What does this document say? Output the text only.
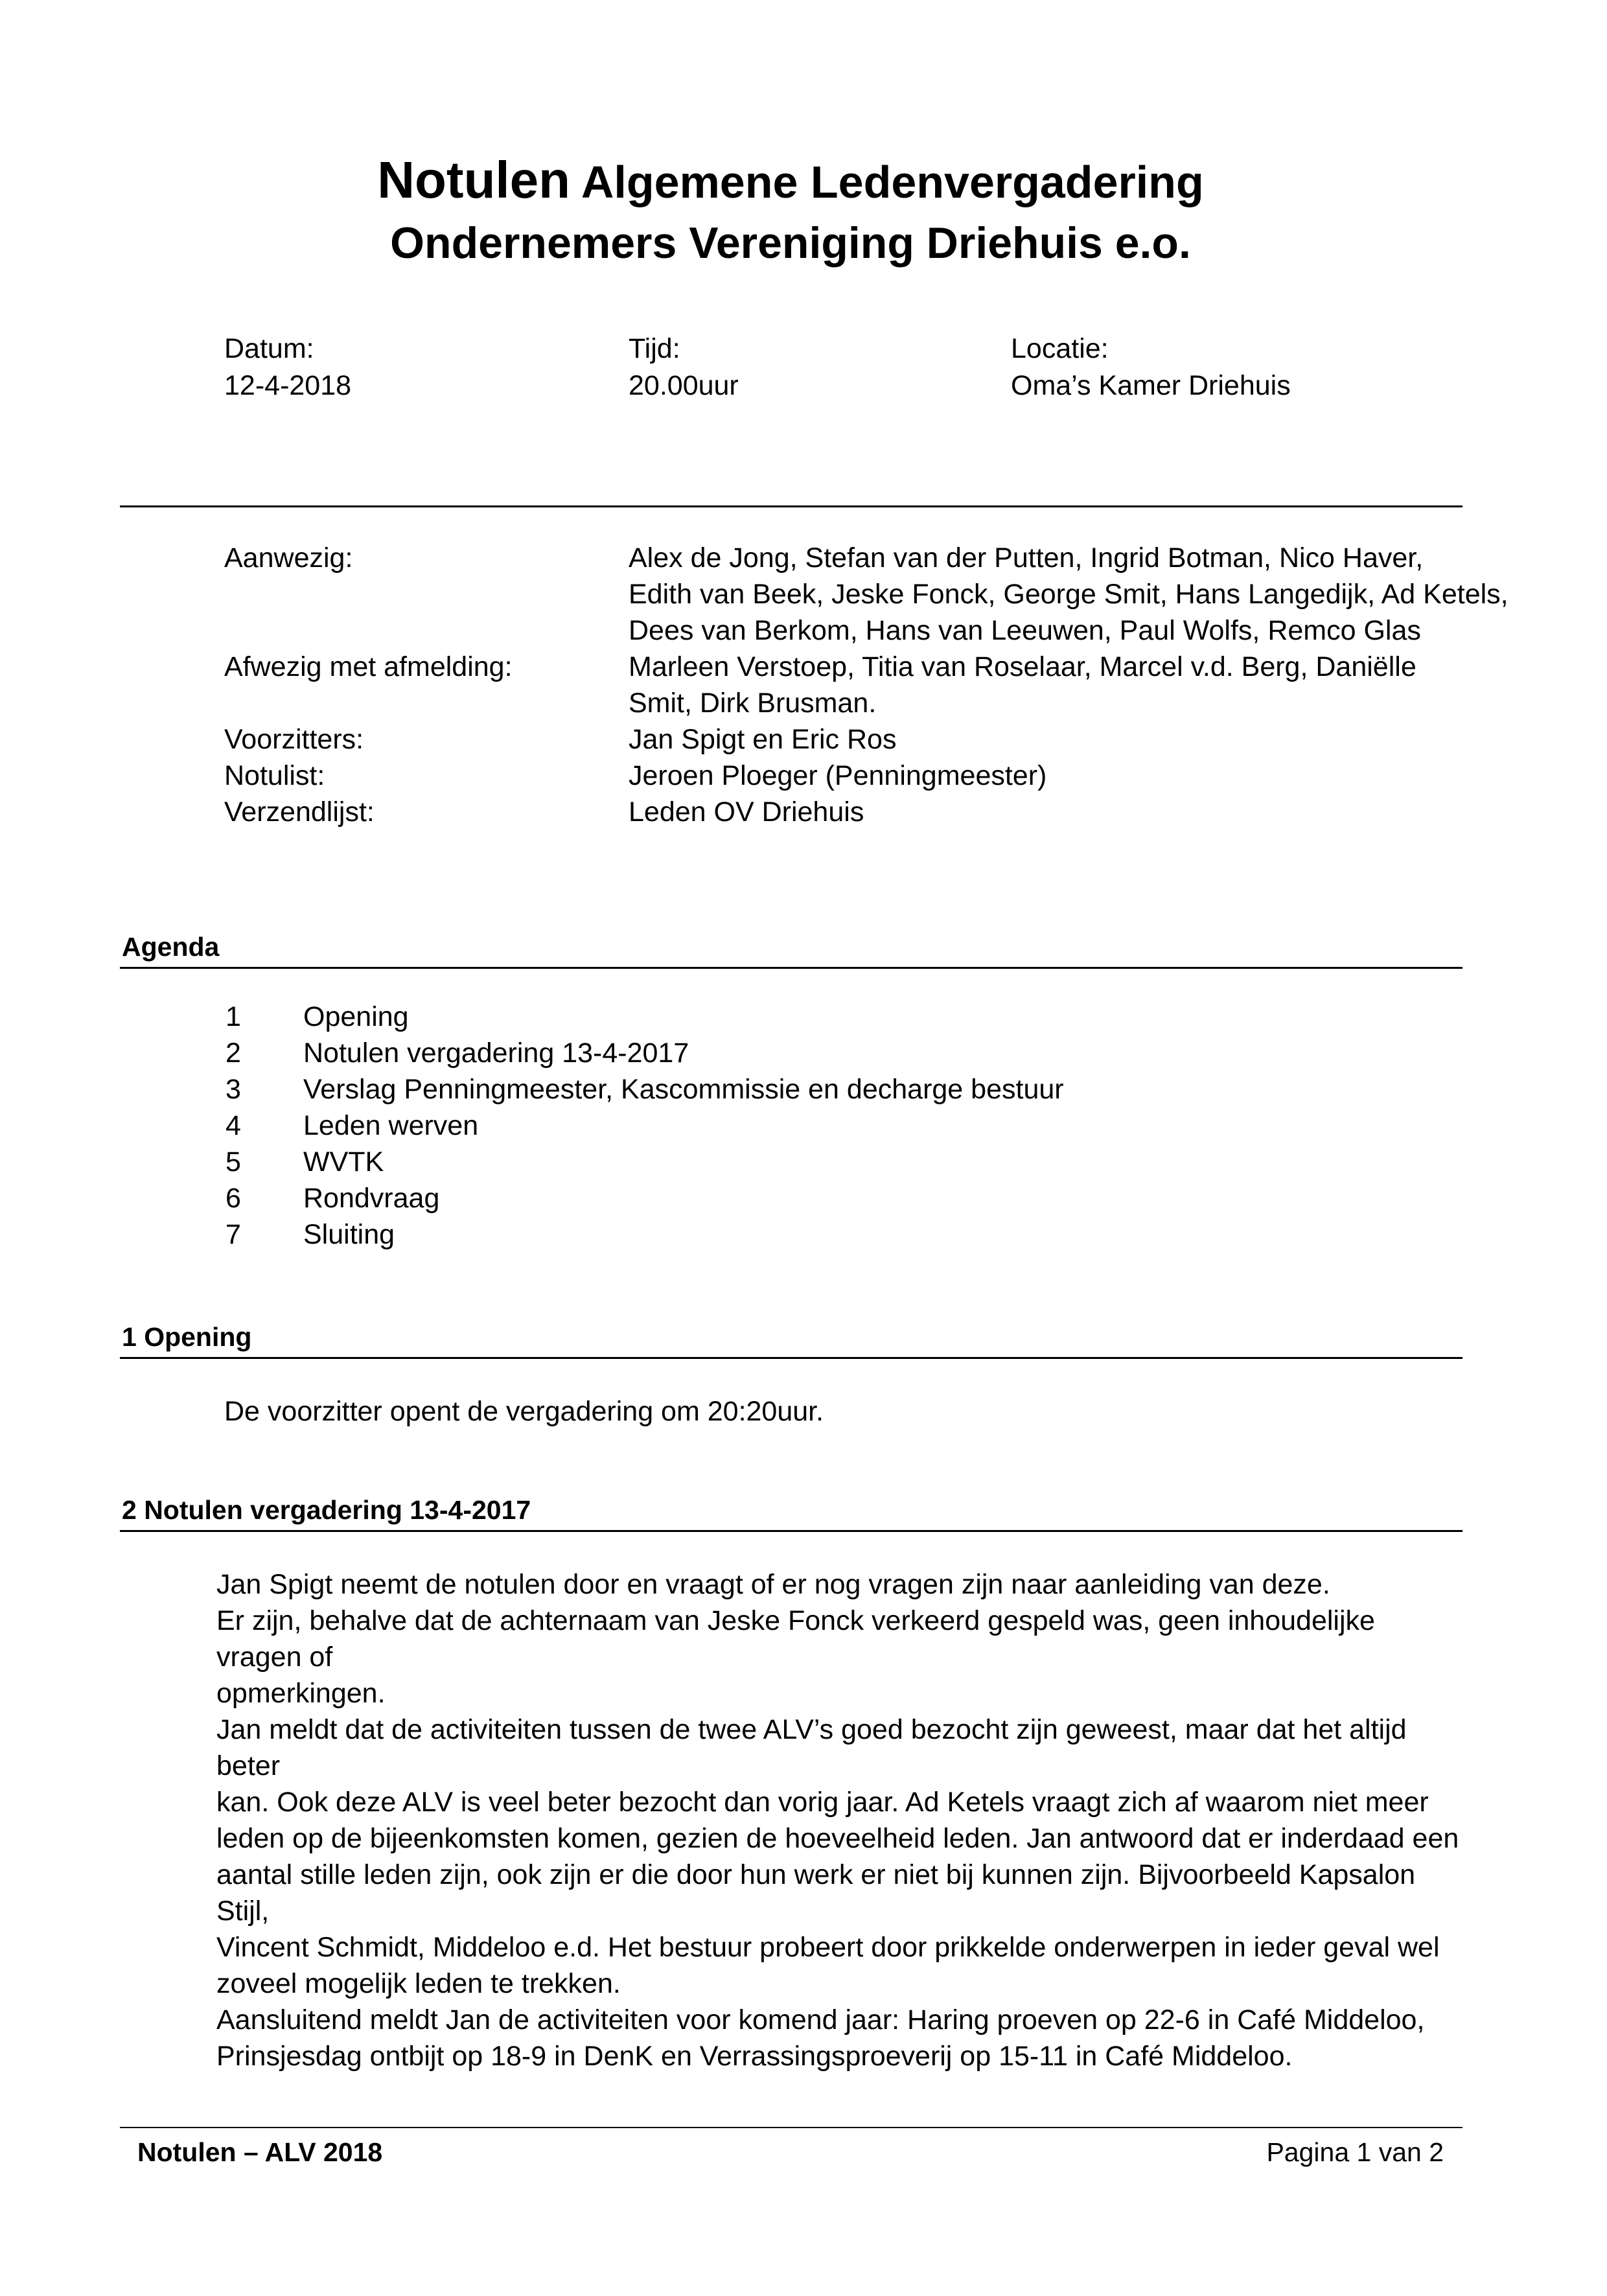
Notulen Algemene Ledenvergadering
Ondernemers Vereniging Driehuis e.o.
Datum:
12-4-2018
Tijd:
20.00uur
Locatie:
Oma’s Kamer Driehuis
Aanwezig:	Alex de Jong, Stefan van der Putten, Ingrid Botman, Nico Haver,
Edith van Beek, Jeske Fonck, George Smit, Hans Langedijk, Ad Ketels,
Dees van Berkom, Hans van Leeuwen, Paul Wolfs, Remco Glas
Afwezig met afmelding:	Marleen Verstoep, Titia van Roselaar, Marcel v.d. Berg, Daniëlle
Smit, Dirk Brusman.
Voorzitters:	Jan Spigt en Eric Ros
Notulist:	Jeroen Ploeger (Penningmeester)
Verzendlijst:	Leden OV Driehuis
Agenda
1 Opening
2 Notulen vergadering 13-4-2017
3 Verslag Penningmeester, Kascommissie en decharge bestuur
4 Leden werven
5 WVTK
6 Rondvraag
7 Sluiting
1 Opening
De voorzitter opent de vergadering om 20:20uur.
2 Notulen vergadering 13-4-2017

Jan Spigt neemt de notulen door en vraagt of er nog vragen zijn naar aanleiding van deze.

Er zijn, behalve dat de achternaam van Jeske Fonck verkeerd gespeld was, geen inhoudelijke vragen of

opmerkingen.

Jan meldt dat de activiteiten tussen de twee ALV’s goed bezocht zijn geweest, maar dat het altijd beter

kan. Ook deze ALV is veel beter bezocht dan vorig jaar. Ad Ketels vraagt zich af waarom niet meer

leden op de bijeenkomsten komen, gezien de hoeveelheid leden. Jan antwoord dat er inderdaad een

aantal stille leden zijn, ook zijn er die door hun werk er niet bij kunnen zijn. Bijvoorbeeld Kapsalon Stijl,

Vincent Schmidt, Middeloo e.d. Het bestuur probeert door prikkelde onderwerpen in ieder geval wel

zoveel mogelijk leden te trekken.

Aansluitend meldt Jan de activiteiten voor komend jaar: Haring proeven op 22-6 in Café Middeloo,

Prinsjesdag ontbijt op 18-9 in DenK en Verrassingsproeverij op 15-11 in Café Middeloo.

Notulen – ALV 2018	Pagina 1 van 2
